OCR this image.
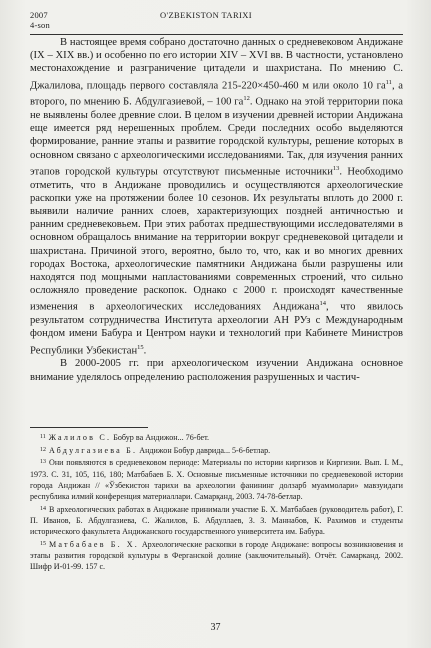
2007
4-son
O'ZBEKISTON TARIXI

В настоящее время собрано достаточно данных о средневековом Андижане (IX – XIX вв.) и особенно по его истории XIV – XVI вв. В частности, установлено местонахождение и разграничение цитадели и шахристана. По мнению С. Джалилова, площадь первого составляла 215-220×450-460 м или около 10 $га^{11}$, а второго, по мнению Б. Абдулгазиевой, – 100 $га^{12}$. Однако на этой территории пока не выявлены более древние слои. В целом в изучении древней истории Андижана еще имеется ряд нерешенных проблем. Среди последних особо выделяются формирование, ранние этапы и развитие городской культуры, решение которых в основном связано с археологическими исследованиями. Так, для изучения ранних этапов городской культуры отсутствуют письменные источники$^{13}$. Необходимо отметить, что в Андижане проводились и осуществляются археологические раскопки уже на протяжении более 10 сезонов. Их результаты вплоть до 2000 г. выявили наличие ранних слоев, характеризующих поздней античностью и ранним средневековьем. При этих работах предшествующими исследователями в основном обращалось внимание на территории вокруг средневековой цитадели и шахристана. Причиной этого, вероятно, было то, что, как и во многих древних городах Востока, археологические памятники Андижана были разрушены или находятся под мощными напластованиями современных строений, что сильно осложняло проведение раскопок. Однако с 2000 г. происходят качественные изменения в археологических исследованиях Андижана$^{14}$, что явилось результатом сотрудничества Института археологии АН РУз с Международным фондом имени Бабура и Центром науки и технологий при Кабинете Министров Республики Узбекистан$^{15}$.

В 2000-2005 гг. при археологическом изучении Андижана основное внимание уделялось определению расположения разрушенных и частич-

$^{11}$ Жалилов С. Бобур ва Андижон... 76-бет.

$^{12}$ Абдулгазиева Б. Андижон Бобур даврида... 5-6-бетлар.

$^{13}$ Они появляются в средневековом периоде: Материалы по истории киргизов и Киргизии. Вып. I. М., 1973. С. 31, 105, 116, 180; Матбабаев Б. Х. Основные письменные источники по средневековой истории города Андижан // «Ўзбекистон тарихи ва археологии фанининг долзарб муаммолари» мавзуидаги республика илмий конференция материаллари. Самарқанд, 2003. 74-78-бетлар.

$^{14}$ В археологических работах в Андижане принимали участие Б. Х. Матбабаев (руководитель работ), Г. П. Иванов, Б. Абдулгазиева, С. Жалилов, Б. Абдуллаев, З. З. Маннабов, К. Рахимов и студенты исторического факультета Андижанского государственного университета им. Бабура.

$^{15}$ Матбабаев Б. Х. Археологические раскопки в городе Андижане: вопросы возникновения и этапы развития городской культуры в Ферганской долине (заключительный). Отчёт. Самарканд. 2002. Шифр И-01-99. 157 с.

37
